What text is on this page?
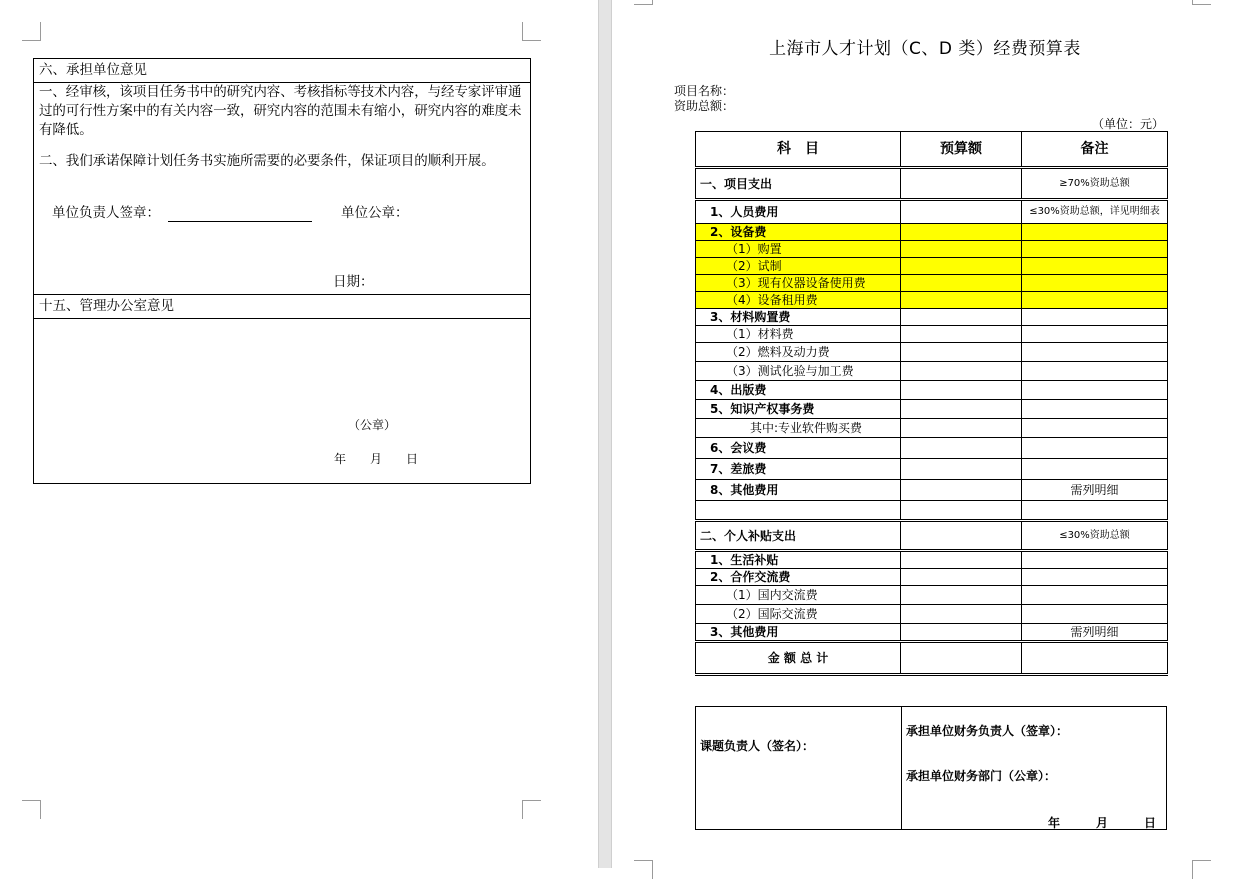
六、承担单位意见
一、经审核，该项目任务书中的研究内容、考核指标等技术内容，与经专家评审通过的可行性方案中的有关内容一致，研究内容的范围未有缩小，研究内容的难度未有降低。
二、我们承诺保障计划任务书实施所需要的必要条件，保证项目的顺利开展。
单位负责人签章：	单位公章：
日期：
十五、管理办公室意见
（公章）
年　　月　　日
上海市人才计划（C、D 类）经费预算表
项目名称：
资助总额：
（单位：元）
科　目	预算额	备注
一、项目支出		≥70%资助总额
1、人员费用		≤30%资助总额，详见明细表
2、设备费		
（1）购置		
（2）试制		
（3）现有仪器设备使用费		
（4）设备租用费		
3、材料购置费		
（1）材料费		
（2）燃料及动力费		
（3）测试化验与加工费		
4、出版费		
5、知识产权事务费		
其中:专业软件购买费		
6、会议费		
7、差旅费		
8、其他费用		需列明细

二、个人补贴支出		≤30%资助总额
1、生活补贴		
2、合作交流费		
（1）国内交流费		
（2）国际交流费		
3、其他费用		需列明细
金 额 总 计		
课题负责人（签名）：
承担单位财务负责人（签章）：
承担单位财务部门（公章）：
年　　　月　　　日
